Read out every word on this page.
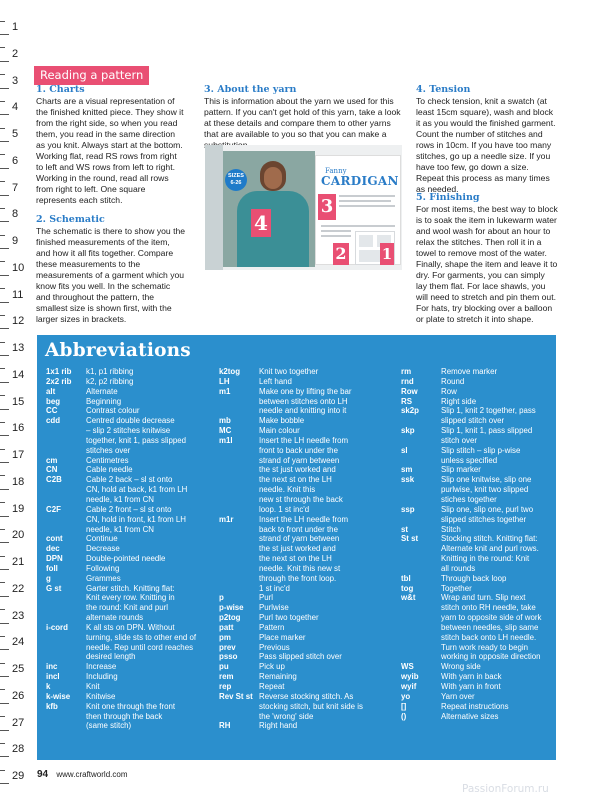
1
2
3
4
5
6
7
8
9
10
11
12
13
14
15
16
17
18
19
20
21
22
23
24
25
26
27
28
29
Reading a pattern
1. Charts

Charts are a visual representation of the finished knitted piece. They show it from the right side, so when you read them, you read in the same direction as you knit. Always start at the bottom. Working flat, read RS rows from right to left and WS rows from left to right. Working in the round, read all rows from right to left. One square represents each stitch.

2. Schematic

The schematic is there to show you the finished measurements of the item, and how it all fits together. Compare these measurements to the measurements of a garment which you know fits you well. In the schematic and throughout the pattern, the smallest size is shown first, with the larger sizes in brackets.

3. About the yarn

This is information about the yarn we used for this pattern. If you can't get hold of this yarn, take a look at these details and compare them to other yarns that are available to you so that you can make a

4. Tension

To check tension, knit a swatch (at least 15cm square), wash and block it as you would the finished garment. Count the number of stitches and rows in 10cm. If you have too many stitches, go up a needle size. If you have too few, go down a size. Repeat this process as many times as needed.

5. Finishing

For most items, the best way to block is to soak the item in lukewarm water and wool wash for about an hour to relax the stitches. Then roll it in a towel to remove most of the water. Finally, shape the item and leave it to dry. For garments, you can simply lay them flat. For lace shawls, you will need to stretch and pin them out. For hats, try blocking over a balloon or plate to stretch it into shape.

SIZES
6-26
Fanny
CARDIGAN
4
3
2 1
Abbreviations
1x1 rib	k1, p1 ribbing
2x2 rib	k2, p2 ribbing
alt	Alternate
beg	Beginning
CC	Contrast colour
cdd	Centred double decrease
– slip 2 stitches knitwise
together, knit 1, pass slipped
stitches over
cm	Centimetres
CN	Cable needle
C2B	Cable 2 back – sl st onto
CN, hold at back, k1 from LH
needle, k1 from CN
C2F	Cable 2 front – sl st onto
CN, hold in front, k1 from LH
needle, k1 from CN
cont	Continue
dec	Decrease
DPN	Double-pointed needle
foll	Following
g	Grammes
G st	Garter stitch. Knitting flat:
Knit every row. Knitting in
the round: Knit and purl
alternate rounds
i-cord	K all sts on DPN. Without
turning, slide sts to other end of
needle. Rep until cord reaches
desired length
inc	Increase
incl	Including
k	Knit
k-wise	Knitwise
kfb	Knit one through the front
then through the back
(same stitch)
k2tog	Knit two together
LH	Left hand
m1	Make one by lifting the bar
between stitches onto LH
needle and knitting into it
mb	Make bobble
MC	Main colour
m1l	Insert the LH needle from
front to back under the
strand of yarn between
the st just worked and
the next st on the LH
needle. Knit this
new st through the back
loop. 1 st inc'd
m1r	Insert the LH needle from
back to front under the
strand of yarn between
the st just worked and
the next st on the LH
needle. Knit this new st
through the front loop.
1 st inc'd
p	Purl
p-wise	Purlwise
p2tog	Purl two together
patt	Pattern
pm	Place marker
prev	Previous
psso	Pass slipped stitch over
pu	Pick up
rem	Remaining
rep	Repeat
Rev St st Reverse stocking stitch. As
stocking stitch, but knit side is
the 'wrong' side
RH	Right hand
rm	Remove marker
rnd	Round
Row	Row
RS	Right side
sk2p	Slip 1, knit 2 together, pass
slipped stitch over
skp	Slip 1, knit 1, pass slipped
stitch over
sl	Slip stitch – slip p-wise
unless specified
sm	Slip marker
ssk	Slip one knitwise, slip one
purlwise, knit two slipped
stiches together
ssp	Slip one, slip one, purl two
slipped stitches together
st	Stitch
St st	Stocking stitch. Knitting flat:
Alternate knit and purl rows.
Knitting in the round: Knit
all rounds
tbl	Through back loop
tog	Together
w&t	Wrap and turn. Slip next
stitch onto RH needle, take
yarn to opposite side of work
between needles, slip same
stitch back onto LH needle.
Turn work ready to begin
working in opposite direction
WS	Wrong side
wyib	With yarn in back
wyif	With yarn in front
yo	Yarn over
[]	Repeat instructions
()	Alternative sizes
94 www.craftworld.com
PassionForum.ru
